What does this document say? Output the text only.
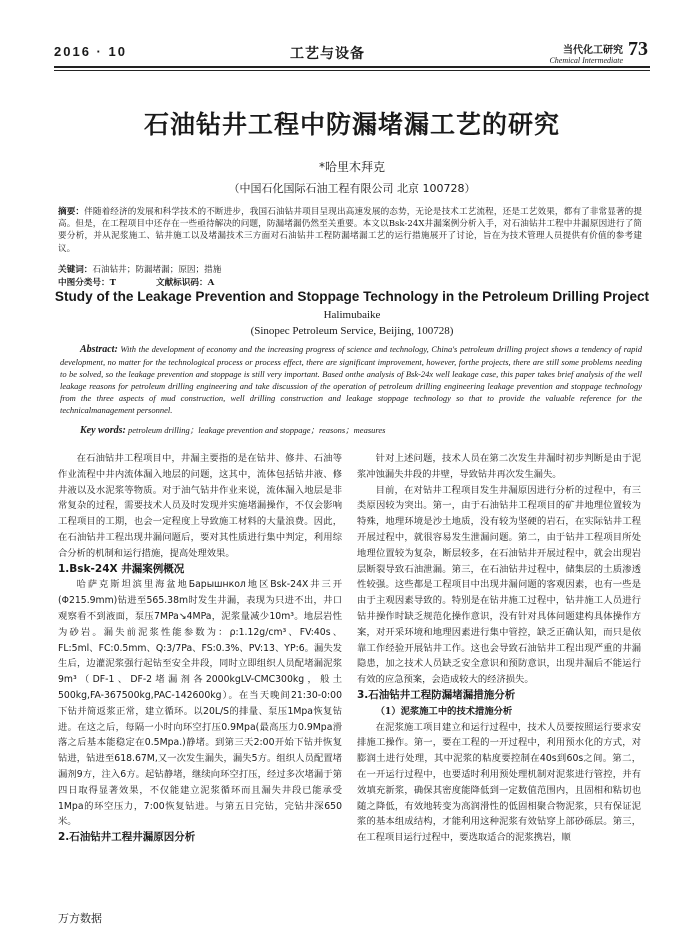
2016 · 10	工艺与设备	当代化工研究
Chemical Intermediate
73
石油钻井工程中防漏堵漏工艺的研究
*哈里木拜克
（中国石化国际石油工程有限公司 北京 100728）
摘要：伴随着经济的发展和科学技术的不断进步，我国石油钻井项目呈现出高速发展的态势，无论是技术工艺流程，还是工艺效果，都有了非常显著的提高。但是，在工程项目中还存在一些亟待解决的问题，防漏堵漏仍然至关重要。本文以Bsk-24X井漏案例分析入手，对石油钻井工程中井漏原因进行了简要分析，并从泥浆施工、钻井施工以及堵漏技术三方面对石油钻井工程防漏堵漏工艺的运行措施展开了讨论，旨在为技术管理人员提供有价值的参考建议。
关键词：石油钻井；防漏堵漏；原因；措施
中图分类号：T	文献标识码：A
Study of the Leakage Prevention and Stoppage Technology in the Petroleum Drilling Project
Halimubaike
(Sinopec Petroleum Service, Beijing, 100728)
Abstract: With the development of economy and the increasing progress of science and technology, China's petroleum drilling project shows a tendency of rapid development, no matter for the technological process or process effect, there are significant improvement, however, forthe projects, there are still some problems needing to be solved, so the leakage prevention and stoppage is still very important. Based onthe analysis of Bsk-24x well leakage case, this paper takes brief analysis of the well leakage reasons for petroleum drilling engineering and take discussion of the operation of petroleum drilling engineering leakage prevention and stoppage technology from the three aspects of mud construction, well drilling construction and leakage stoppage technology so that to provide the valuable reference for the technicalmanagement personnel.
Key words: petroleum drilling；leakage prevention and stoppage；reasons；measures

在石油钻井工程项目中，井漏主要指的是在钻井、修井、石油等作业流程中井内流体漏入地层的问题，这其中，流体包括钻井液、修井液以及水泥浆等物质。对于油气钻井作业来说，流体漏入地层是非常复杂的过程，需要技术人员及时发现并实施堵漏操作，不仅会影响工程项目的工期，也会一定程度上导致施工材料的大量浪费。因此，在石油钻井工程出现井漏问题后，要对其性质进行集中判定，利用综合分析的机制和运行措施，提高处理效果。

1.Bsk-24X 井漏案例概况

哈萨克斯坦滨里海盆地Барышнкол地区Bsk-24X井三开(Φ215.9mm)钻进至565.38m时发生井漏，表现为只进不出，井口观察看不到液面，泵压7MPa↘4MPa，泥浆量减少10m³。地层岩性为砂岩。漏失前泥浆性能参数为：ρ:1.12g/cm³、FV:40s、FL:5ml、FC:0.5mm、Q:3/7Pa、FS:0.3%、PV:13、YP:6。漏失发生后，边灌泥浆强行起钻至安全井段，同时立即组织人员配堵漏泥浆9m³（DF-1、DF-2堵漏剂各2000kgLV-CMC300kg，般土500kg,FA-367500kg,PAC-142600kg）。在当天晚间21:30-0:00下钻并简返浆正常，建立循环。以20L/S的排量、泵压1Mpa恢复钻进。在这之后，每隔一小时向环空打压0.9Mpa(最高压力0.9Mpa滑落之后基本能稳定在0.5Mpa.)静堵。到第三天2:00开始下钻并恢复钻进，钻进至618.67M,又一次发生漏失，漏失5方。组织人员配置堵漏剂9方，注入6方。起钻静堵，继续向环空打压，经过多次堵漏于第四日取得显著效果，不仅能建立泥浆循环而且漏失井段已能承受1Mpa的环空压力，7:00恢复钻进。与第五日完钻，完钻井深650米。

2.石油钻井工程井漏原因分析

针对上述问题，技术人员在第二次发生井漏时初步判断是由于泥浆冲蚀漏失井段的井壁，导致钻井再次发生漏失。

目前，在对钻井工程项目发生井漏原因进行分析的过程中，有三类原因较为突出。第一，由于石油钻井工程项目的矿井地理位置较为特殊，地理环境是沙土地质，没有较为坚硬的岩石，在实际钻井工程开展过程中，就很容易发生泄漏问题。第二，由于钻井工程项目所处地理位置较为复杂，断层较多，在石油钻井开展过程中，就会出现岩层断裂导致石油泄漏。第三，在石油钻井过程中，储集层的土质渗透性较强。这些都是工程项目中出现井漏问题的客观因素，也有一些是由于主观因素导致的。特别是在钻井施工过程中，钻井施工人员进行钻井操作时缺乏规范化操作意识，没有针对具体问题建构具体操作方案，对开采环境和地理因素进行集中管控，缺乏正确认知，而只是依靠工作经验开展钻井工作。这也会导致石油钻井工程出现严重的井漏隐患，加之技术人员缺乏安全意识和预防意识，出现井漏后不能运行有效的应急预案，会造成较大的经济损失。

3.石油钻井工程防漏堵漏措施分析
（1）泥浆施工中的技术措施分析

在泥浆施工项目建立和运行过程中，技术人员要按照运行要求安排施工操作。第一，要在工程的一开过程中，利用预水化的方式，对膨润土进行处理，其中泥浆的粘度要控制在40s到60s之间。第二，在一开运行过程中，也要适时利用预处理机制对泥浆进行管控，并有效填充新浆，确保其密度能降低到一定数值范围内，且固相和粘切也随之降低，有效地转变为高润滑性的低固相聚合物泥浆，只有保证泥浆的基本组成结构，才能利用这种泥浆有效钻穿上部砂砾层。第三，在工程项目运行过程中，要选取适合的泥浆携岩，顺

万方数据
